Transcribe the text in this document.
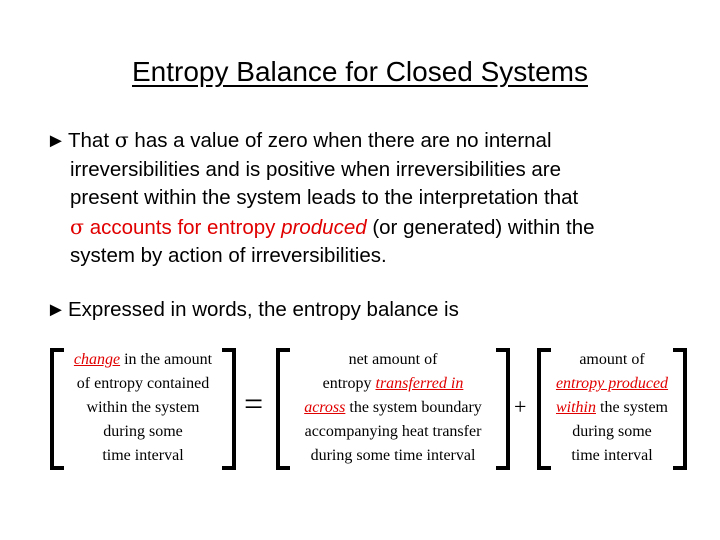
Entropy Balance for Closed Systems
► That σ has a value of zero when there are no internal
irreversibilities and is positive when irreversibilities are
present within the system leads to the interpretation that
σ accounts for entropy produced (or generated) within the
system by action of irreversibilities.
► Expressed in words, the entropy balance is
change in the amount
of entropy contained
within the system
during some
time interval
=
net amount of
entropy transferred in
across the system boundary
accompanying heat transfer
during some time interval
+
amount of
entropy produced
within the system
during some
time interval
